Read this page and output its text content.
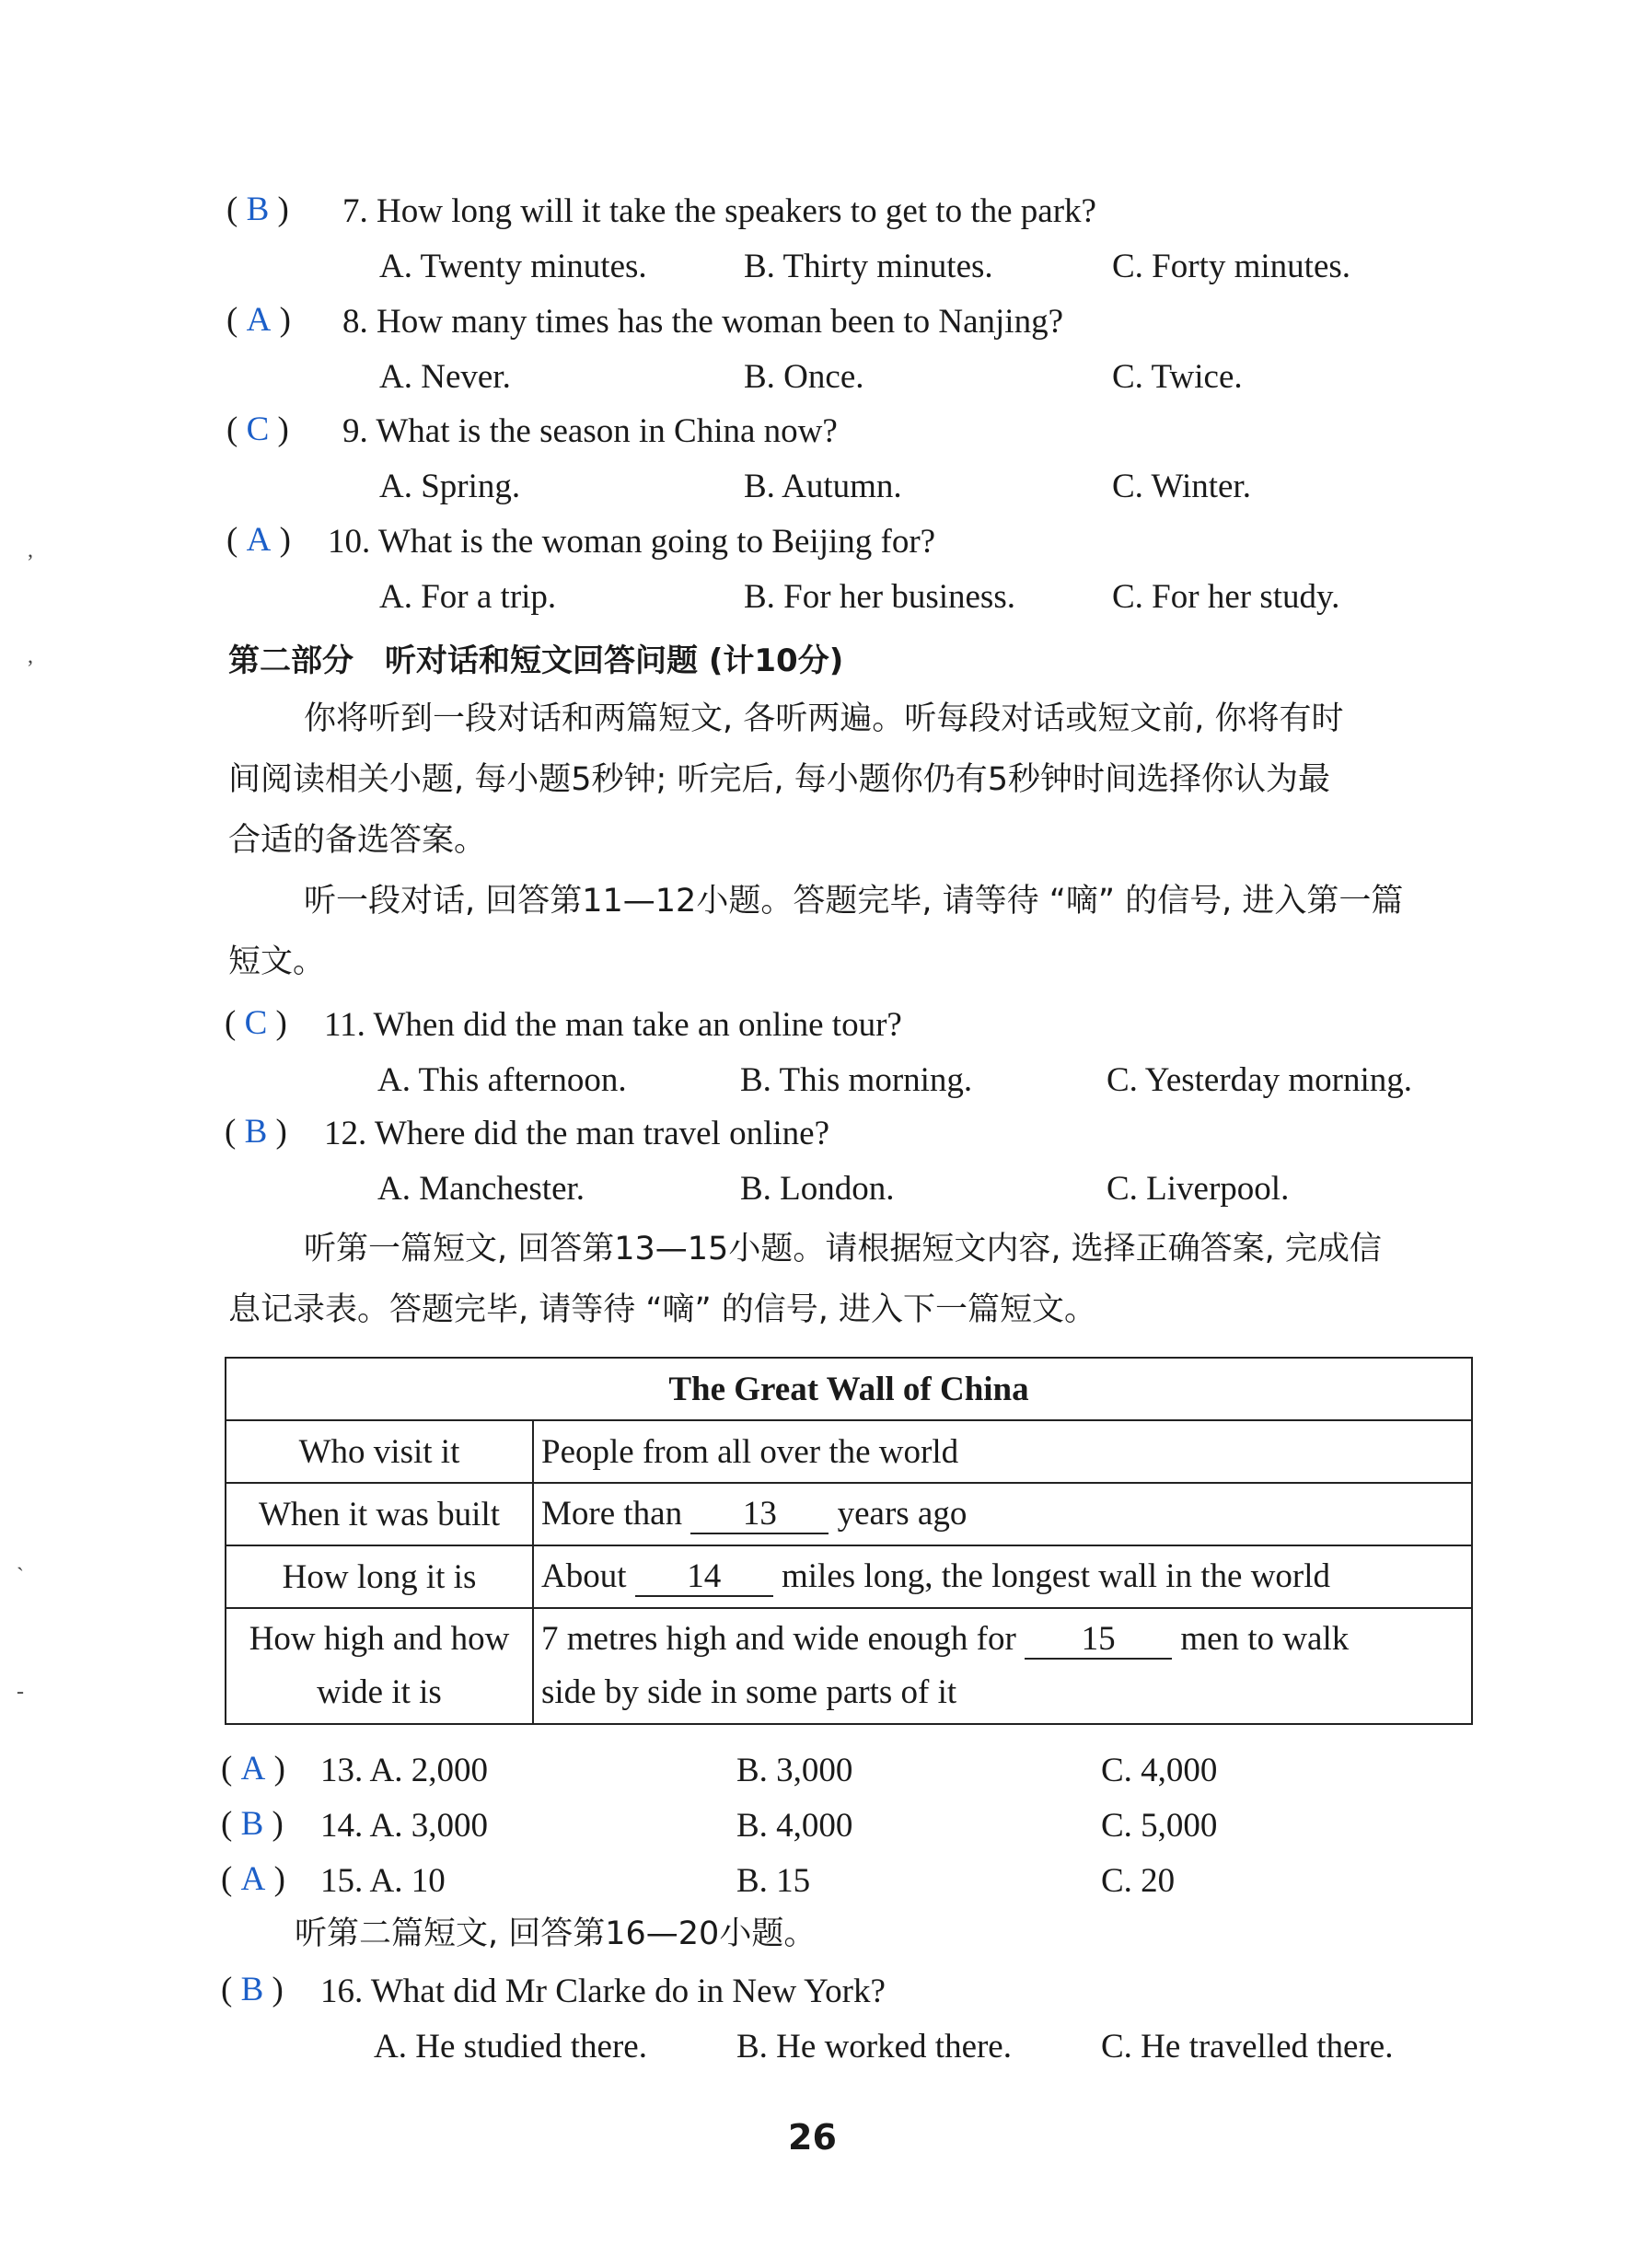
,
,
ˋ
-
( B ) 7. How long will it take the speakers to get to the park?
A. Twenty minutes.	B. Thirty minutes.	C. Forty minutes.
( A ) 8. How many times has the woman been to Nanjing?
A. Never.	B. Once.	C. Twice.
( C ) 9. What is the season in China now?
A. Spring.	B. Autumn.	C. Winter.
( A ) 10. What is the woman going to Beijing for?
A. For a trip.	B. For her business.	C. For her study.
第二部分　听对话和短文回答问题 (计10分)
你将听到一段对话和两篇短文, 各听两遍。听每段对话或短文前, 你将有时
间阅读相关小题, 每小题5秒钟; 听完后, 每小题你仍有5秒钟时间选择你认为最
合适的备选答案。
听一段对话, 回答第11—12小题。答题完毕, 请等待 “嘀” 的信号, 进入第一篇
短文。
( C ) 11. When did the man take an online tour?
A. This afternoon.	B. This morning.	C. Yesterday morning.
( B ) 12. Where did the man travel online?
A. Manchester.	B. London.	C. Liverpool.
听第一篇短文, 回答第13—15小题。请根据短文内容, 选择正确答案, 完成信
息记录表。答题完毕, 请等待 “嘀” 的信号, 进入下一篇短文。
The Great Wall of China	
Who visit it	People from all over the world
When it was built	More than 13 years ago
How long it is	About 14 miles long, the longest wall in the world
How high and how
wide it is	7 metres high and wide enough for 15 men to walk
side by side in some parts of it
( A ) 13. A. 2,000	B. 3,000	C. 4,000
( B ) 14. A. 3,000	B. 4,000	C. 5,000
( A ) 15. A. 10	B. 15	C. 20
听第二篇短文, 回答第16—20小题。
( B ) 16. What did Mr Clarke do in New York?
A. He studied there.	B. He worked there.	C. He travelled there.
26
